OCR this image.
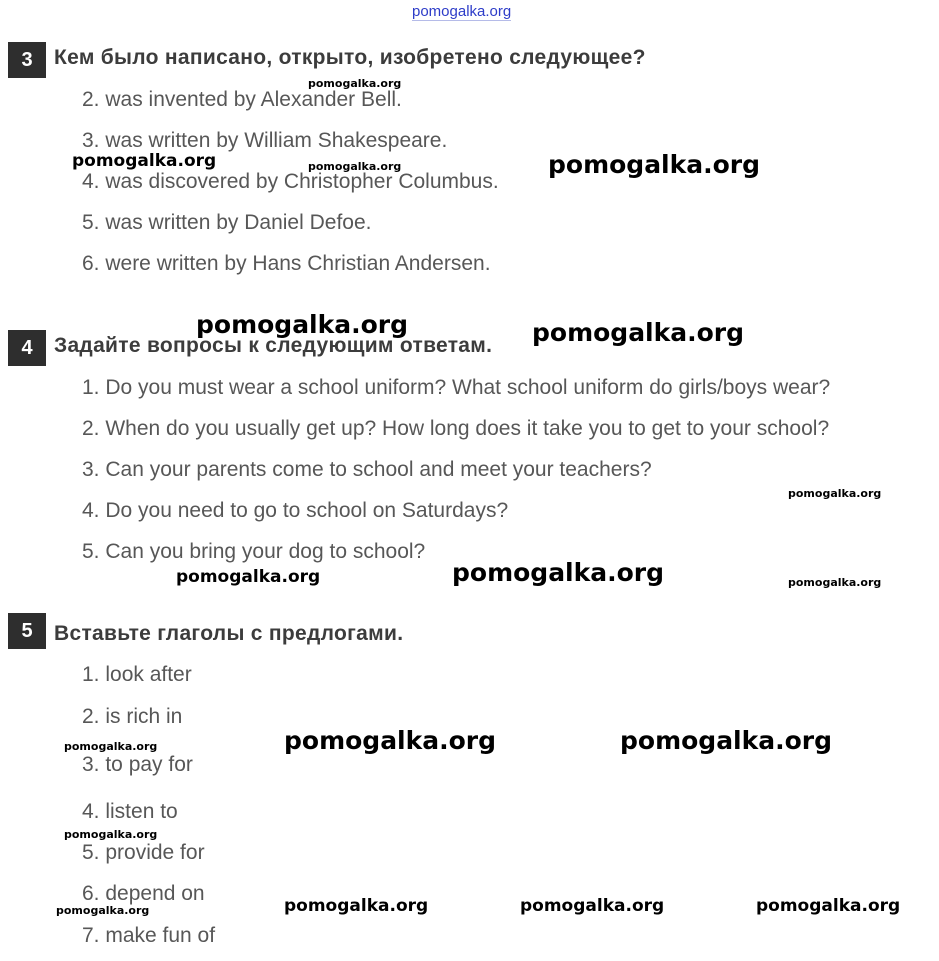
pomogalka.org
3	Кем было написано, открыто, изобретено следующее?
2. was invented by Alexander Bell.
3. was written by William Shakespeare.
4. was discovered by Christopher Columbus.
5. was written by Daniel Defoe.
6. were written by Hans Christian Andersen.
4	Задайте вопросы к следующим ответам.
1. Do you must wear a school uniform? What school uniform do girls/boys wear?
2. When do you usually get up? How long does it take you to get to your school?
3. Can your parents come to school and meet your teachers?
4. Do you need to go to school on Saturdays?
5. Can you bring your dog to school?
5	Вставьте глаголы с предлогами.
1. look after
2. is rich in
3. to pay for
4. listen to
5. provide for
6. depend on
7. make fun of
pomogalka.org
pomogalka.org	pomogalka.org	pomogalka.org
pomogalka.org	pomogalka.org
pomogalka.org
pomogalka.org	pomogalka.org	pomogalka.org
pomogalka.org	pomogalka.org	pomogalka.org
pomogalka.org
pomogalka.org	pomogalka.org	pomogalka.org	pomogalka.org
